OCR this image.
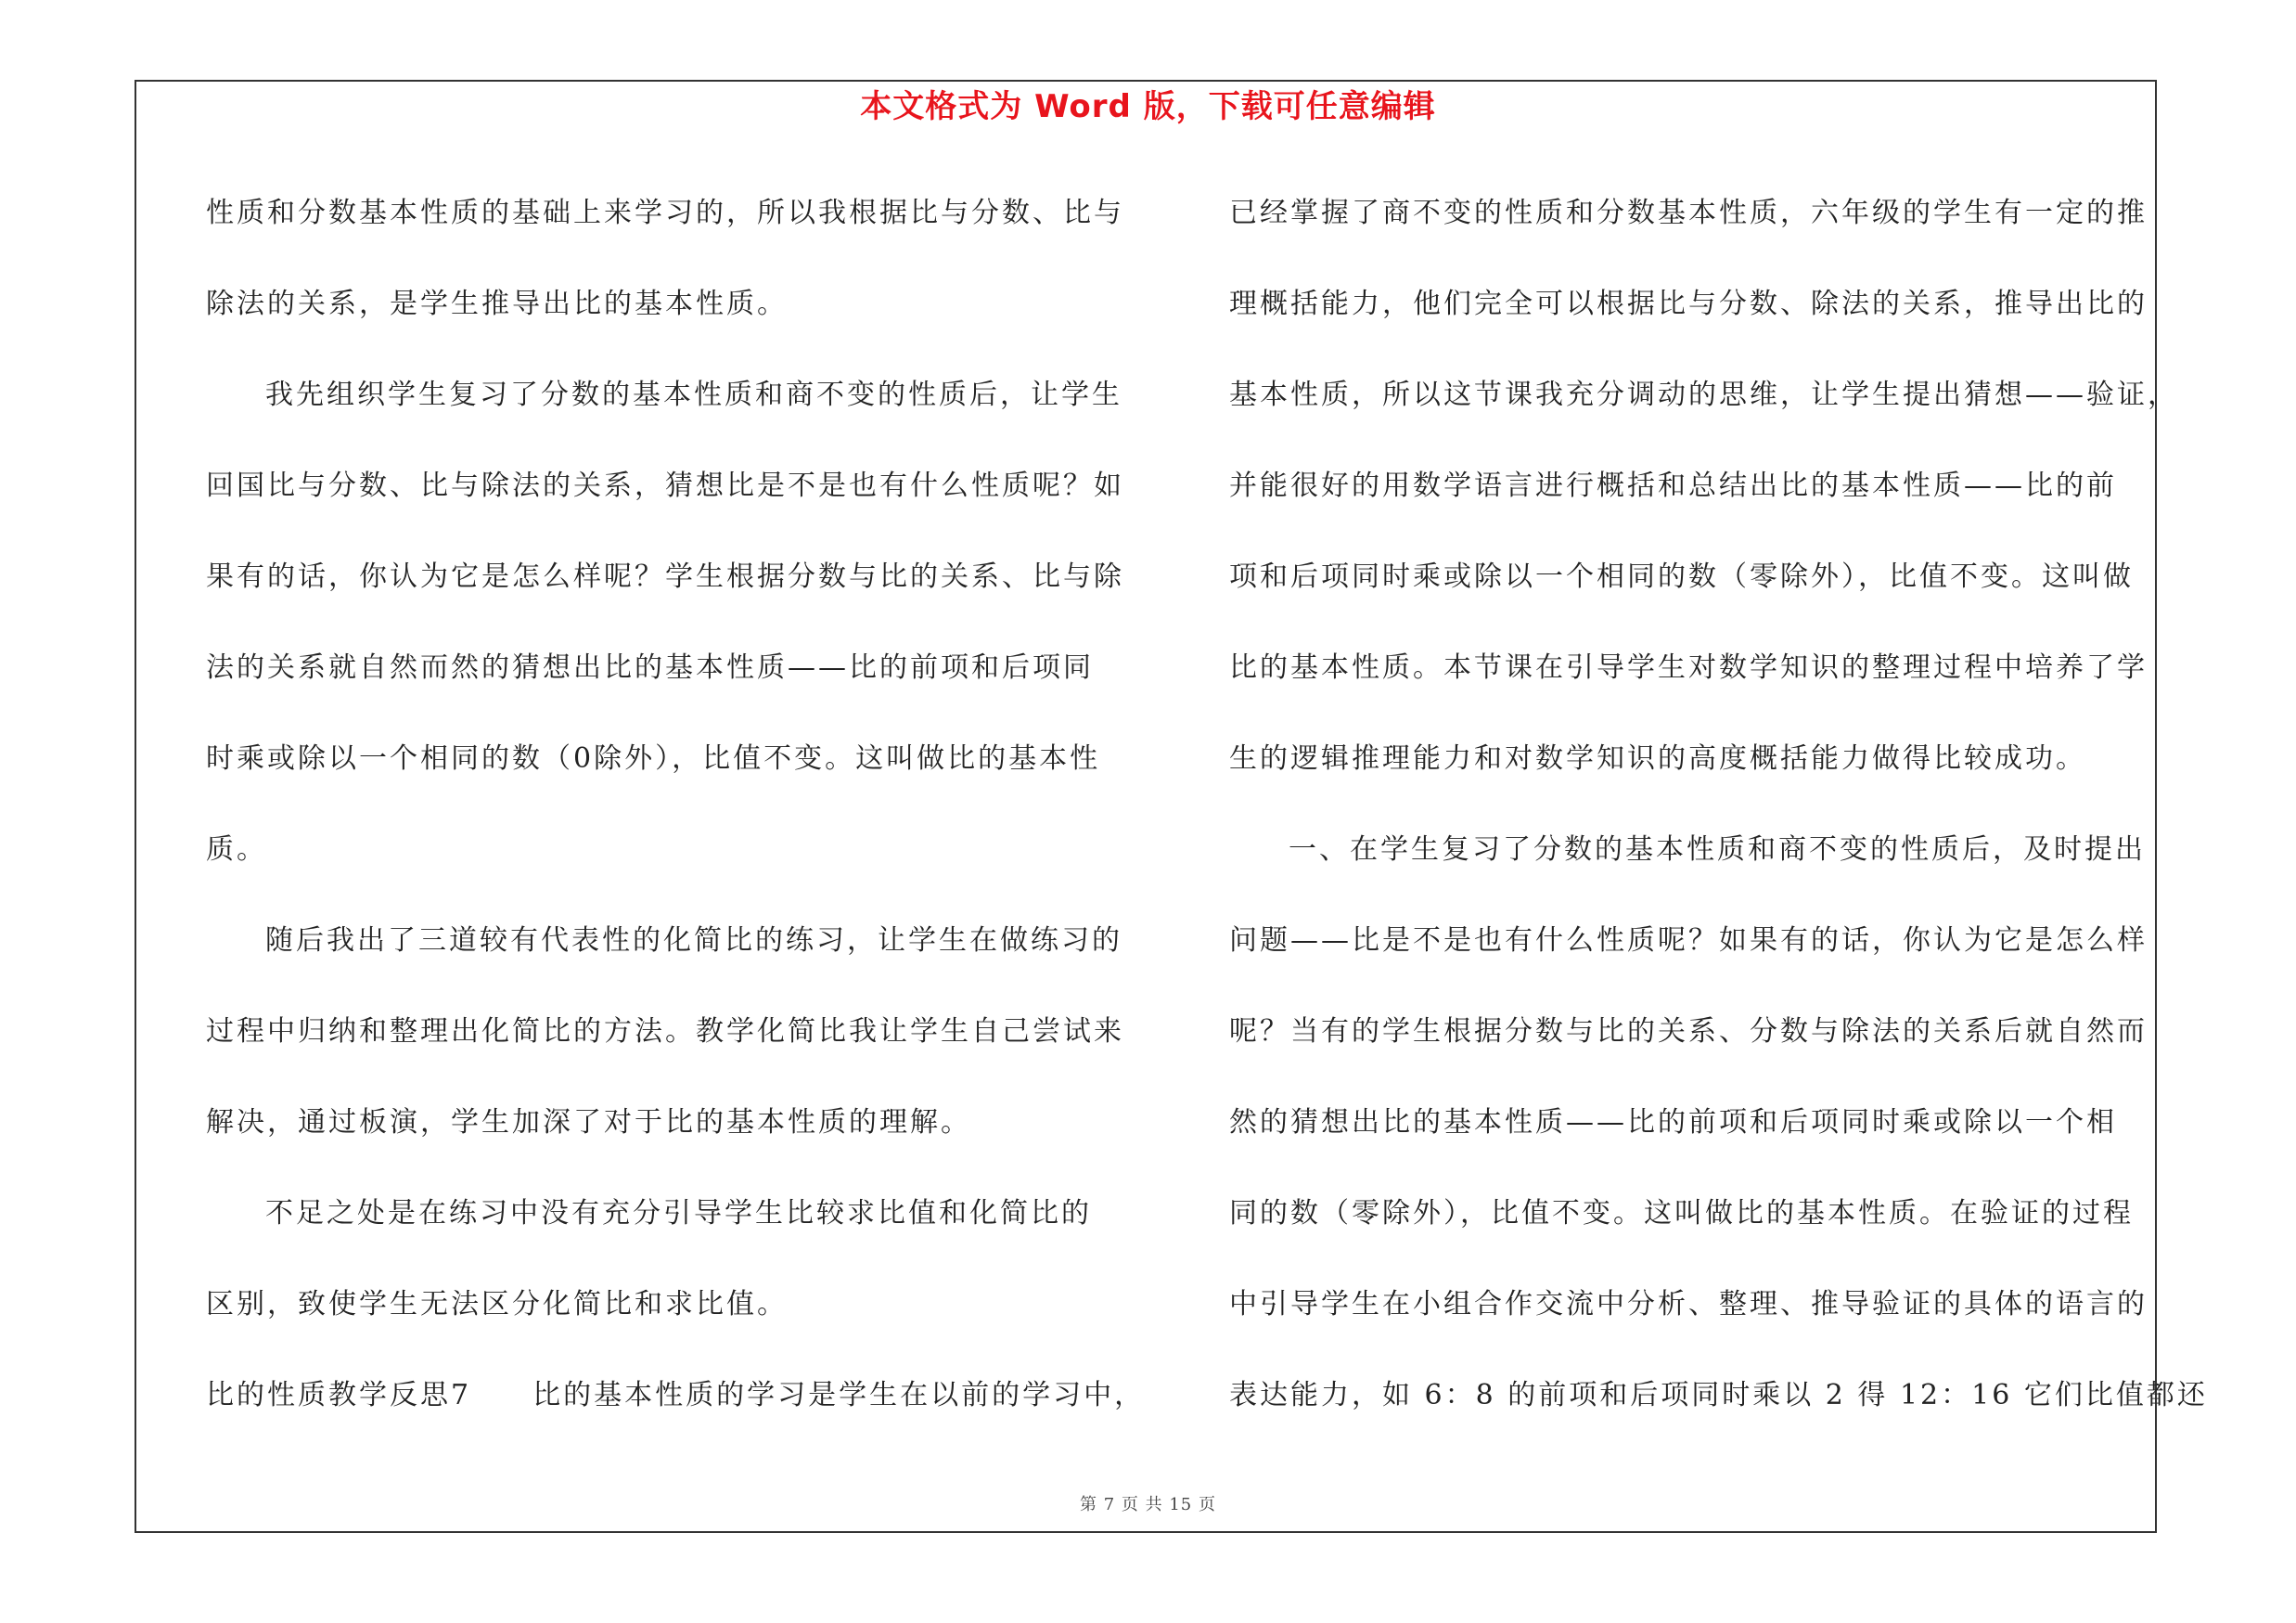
本文格式为 Word 版，下载可任意编辑
性质和分数基本性质的基础上来学习的，所以我根据比与分数、比与
除法的关系，是学生推导出比的基本性质。
我先组织学生复习了分数的基本性质和商不变的性质后，让学生
回国比与分数、比与除法的关系，猜想比是不是也有什么性质呢？如
果有的话，你认为它是怎么样呢？学生根据分数与比的关系、比与除
法的关系就自然而然的猜想出比的基本性质——比的前项和后项同
时乘或除以一个相同的数（0除外），比值不变。这叫做比的基本性
质。
随后我出了三道较有代表性的化简比的练习，让学生在做练习的
过程中归纳和整理出化简比的方法。教学化简比我让学生自己尝试来
解决，通过板演，学生加深了对于比的基本性质的理解。
不足之处是在练习中没有充分引导学生比较求比值和化简比的
区别，致使学生无法区分化简比和求比值。
比的性质教学反思7　　比的基本性质的学习是学生在以前的学习中，
已经掌握了商不变的性质和分数基本性质，六年级的学生有一定的推
理概括能力，他们完全可以根据比与分数、除法的关系，推导出比的
基本性质，所以这节课我充分调动的思维，让学生提出猜想——验证，
并能很好的用数学语言进行概括和总结出比的基本性质——比的前
项和后项同时乘或除以一个相同的数（零除外），比值不变。这叫做
比的基本性质。本节课在引导学生对数学知识的整理过程中培养了学
生的逻辑推理能力和对数学知识的高度概括能力做得比较成功。
一、在学生复习了分数的基本性质和商不变的性质后，及时提出
问题——比是不是也有什么性质呢？如果有的话，你认为它是怎么样
呢？当有的学生根据分数与比的关系、分数与除法的关系后就自然而
然的猜想出比的基本性质——比的前项和后项同时乘或除以一个相
同的数（零除外），比值不变。这叫做比的基本性质。在验证的过程
中引导学生在小组合作交流中分析、整理、推导验证的具体的语言的
表达能力，如 6：8 的前项和后项同时乘以 2 得 12：16 它们比值都还
第 7 页 共 15 页
